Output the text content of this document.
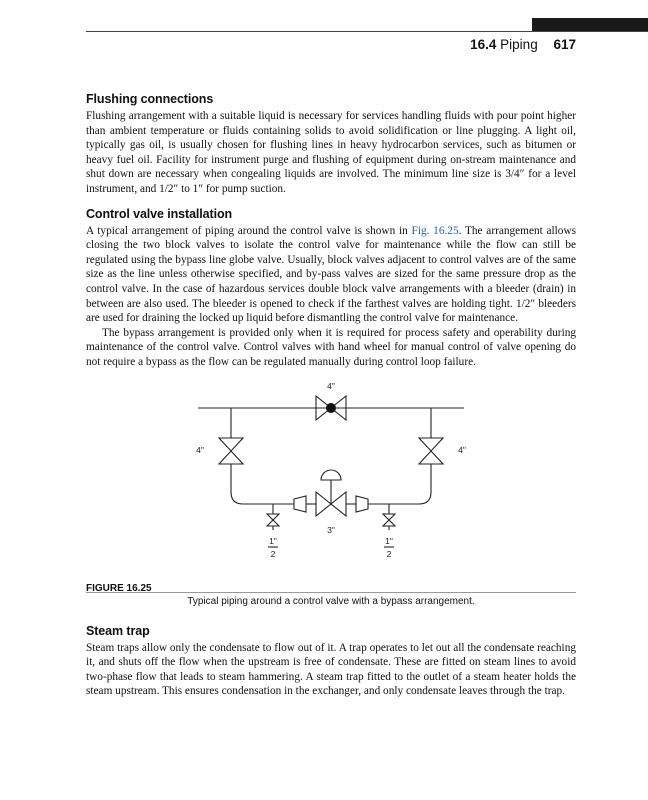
16.4 Piping 617
Flushing connections

Flushing arrangement with a suitable liquid is necessary for services handling fluids with pour point higher than ambient temperature or fluids containing solids to avoid solidification or line plugging. A light oil, typically gas oil, is usually chosen for flushing lines in heavy hydrocarbon services, such as bitumen or heavy fuel oil. Facility for instrument purge and flushing of equipment during on-stream maintenance and shut down are necessary when congealing liquids are involved. The minimum line size is 3/4″ for a level instrument, and 1/2″ to 1″ for pump suction.

Control valve installation

A typical arrangement of piping around the control valve is shown in Fig. 16.25. The arrangement allows closing the two block valves to isolate the control valve for maintenance while the flow can still be regulated using the bypass line globe valve. Usually, block valves adjacent to control valves are of the same size as the line unless otherwise specified, and by-pass valves are sized for the same pressure drop as the control valve. In the case of hazardous services double block valve arrangements with a bleeder (drain) in between are also used. The bleeder is opened to check if the farthest valves are holding tight. 1/2″ bleeders are used for draining the locked up liquid before dismantling the control valve for maintenance.

The bypass arrangement is provided only when it is required for process safety and operability during maintenance of the control valve. Control valves with hand wheel for manual control of valve opening do not require a bypass as the flow can be regulated manually during control loop failure.

4"
4"	4"
3"
1"
2
1"
2
FIGURE 16.25
Typical piping around a control valve with a bypass arrangement.
Steam trap

Steam traps allow only the condensate to flow out of it. A trap operates to let out all the condensate reaching it, and shuts off the flow when the upstream is free of condensate. These are fitted on steam lines to avoid two-phase flow that leads to steam hammering. A steam trap fitted to the outlet of a steam heater holds the steam upstream. This ensures condensation in the exchanger, and only condensate leaves through the trap.
